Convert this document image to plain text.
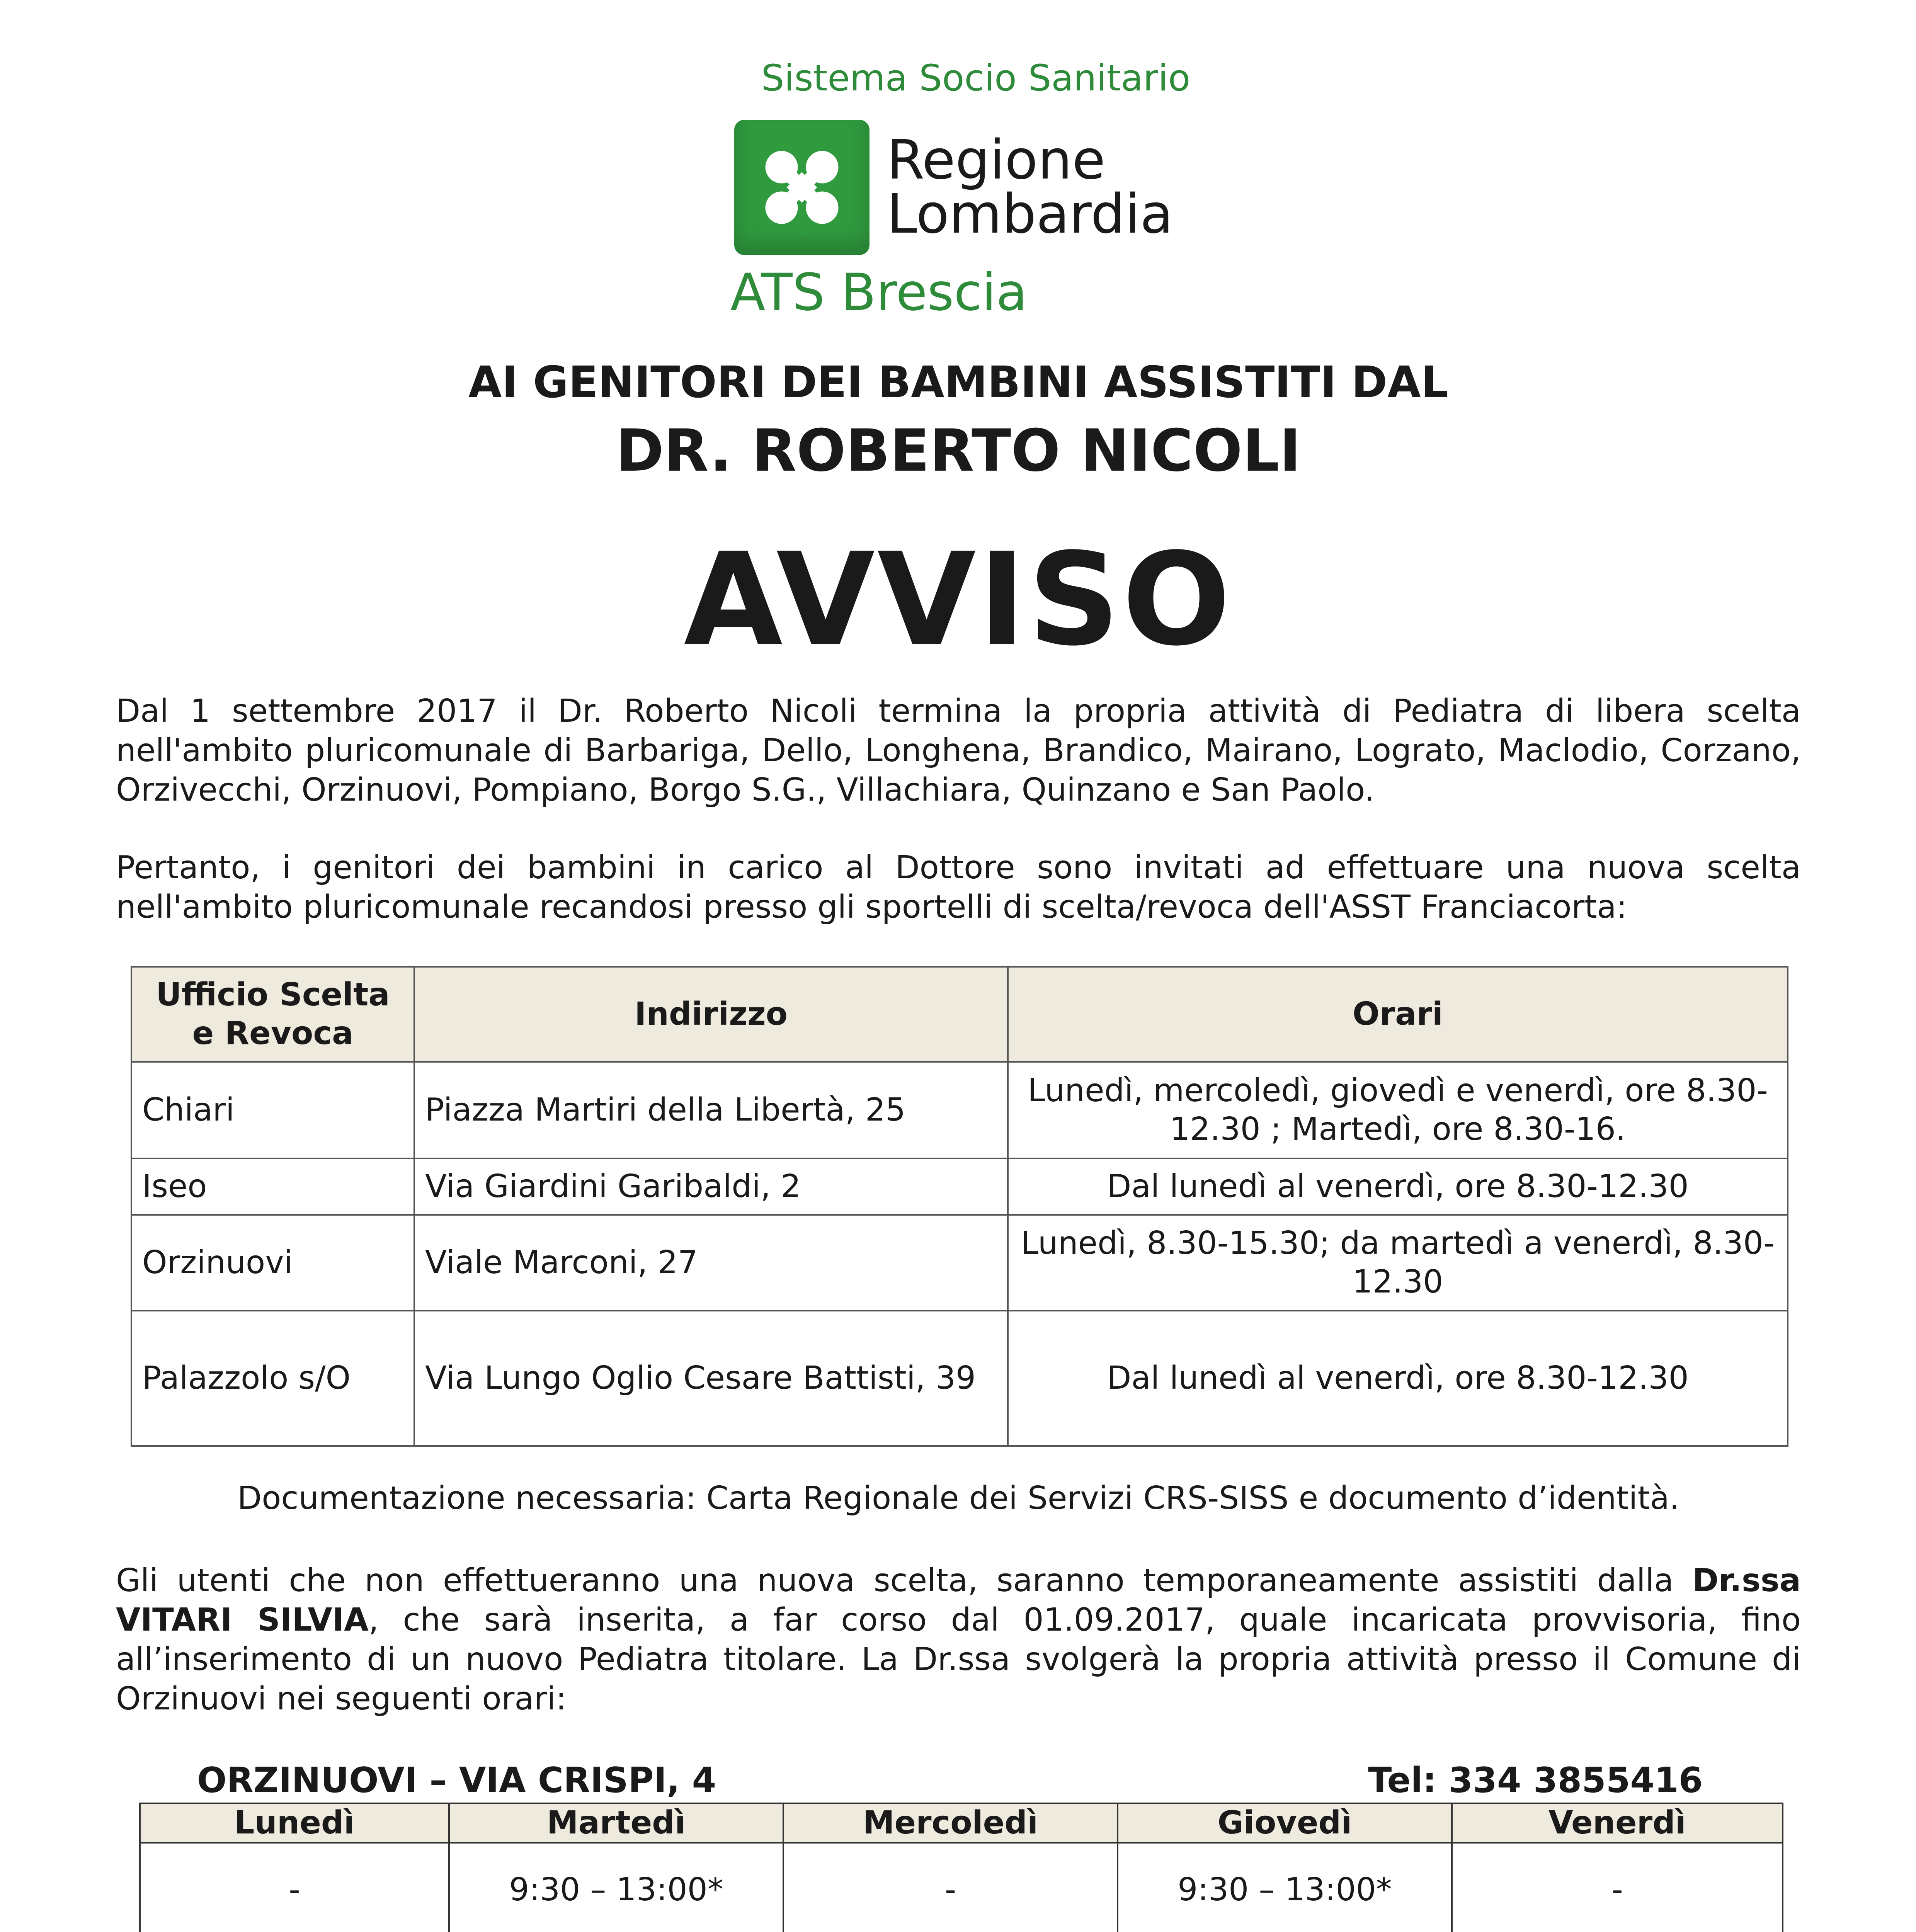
Sistema Socio Sanitario
Regione
Lombardia
ATS Brescia
AI GENITORI DEI BAMBINI ASSISTITI DAL
DR. ROBERTO NICOLI
AVVISO
Dal 1 settembre 2017 il Dr. Roberto Nicoli termina la propria attività di Pediatra di libera scelta nell'ambito pluricomunale di Barbariga, Dello, Longhena, Brandico, Mairano, Lograto, Maclodio, Corzano, Orzivecchi, Orzinuovi, Pompiano, Borgo S.G., Villachiara, Quinzano e San Paolo.
Pertanto, i genitori dei bambini in carico al Dottore sono invitati ad effettuare una nuova scelta nell'ambito pluricomunale recandosi presso gli sportelli di scelta/revoca dell'ASST Franciacorta:
Ufficio Scelta e Revoca	Indirizzo	Orari
Chiari	Piazza Martiri della Libertà, 25	Lunedì, mercoledì, giovedì e venerdì, ore 8.30-12.30 ; Martedì, ore 8.30-16.
Iseo	Via Giardini Garibaldi, 2	Dal lunedì al venerdì, ore 8.30-12.30
Orzinuovi	Viale Marconi, 27	Lunedì, 8.30-15.30; da martedì a venerdì, 8.30-12.30
Palazzolo s/O	Via Lungo Oglio Cesare Battisti, 39	Dal lunedì al venerdì, ore 8.30-12.30
Documentazione necessaria: Carta Regionale dei Servizi CRS-SISS e documento d’identità.
Gli utenti che non effettueranno una nuova scelta, saranno temporaneamente assistiti dalla Dr.ssa VITARI SILVIA, che sarà inserita, a far corso dal 01.09.2017, quale incaricata provvisoria, fino all’inserimento di un nuovo Pediatra titolare. La Dr.ssa svolgerà la propria attività presso il Comune di Orzinuovi nei seguenti orari:
ORZINUOVI – VIA CRISPI, 4	Tel: 334 3855416
Lunedì	Martedì	Mercoledì	Giovedì	Venerdì
-	9:30 – 13:00*	-	9:30 – 13:00*	-
